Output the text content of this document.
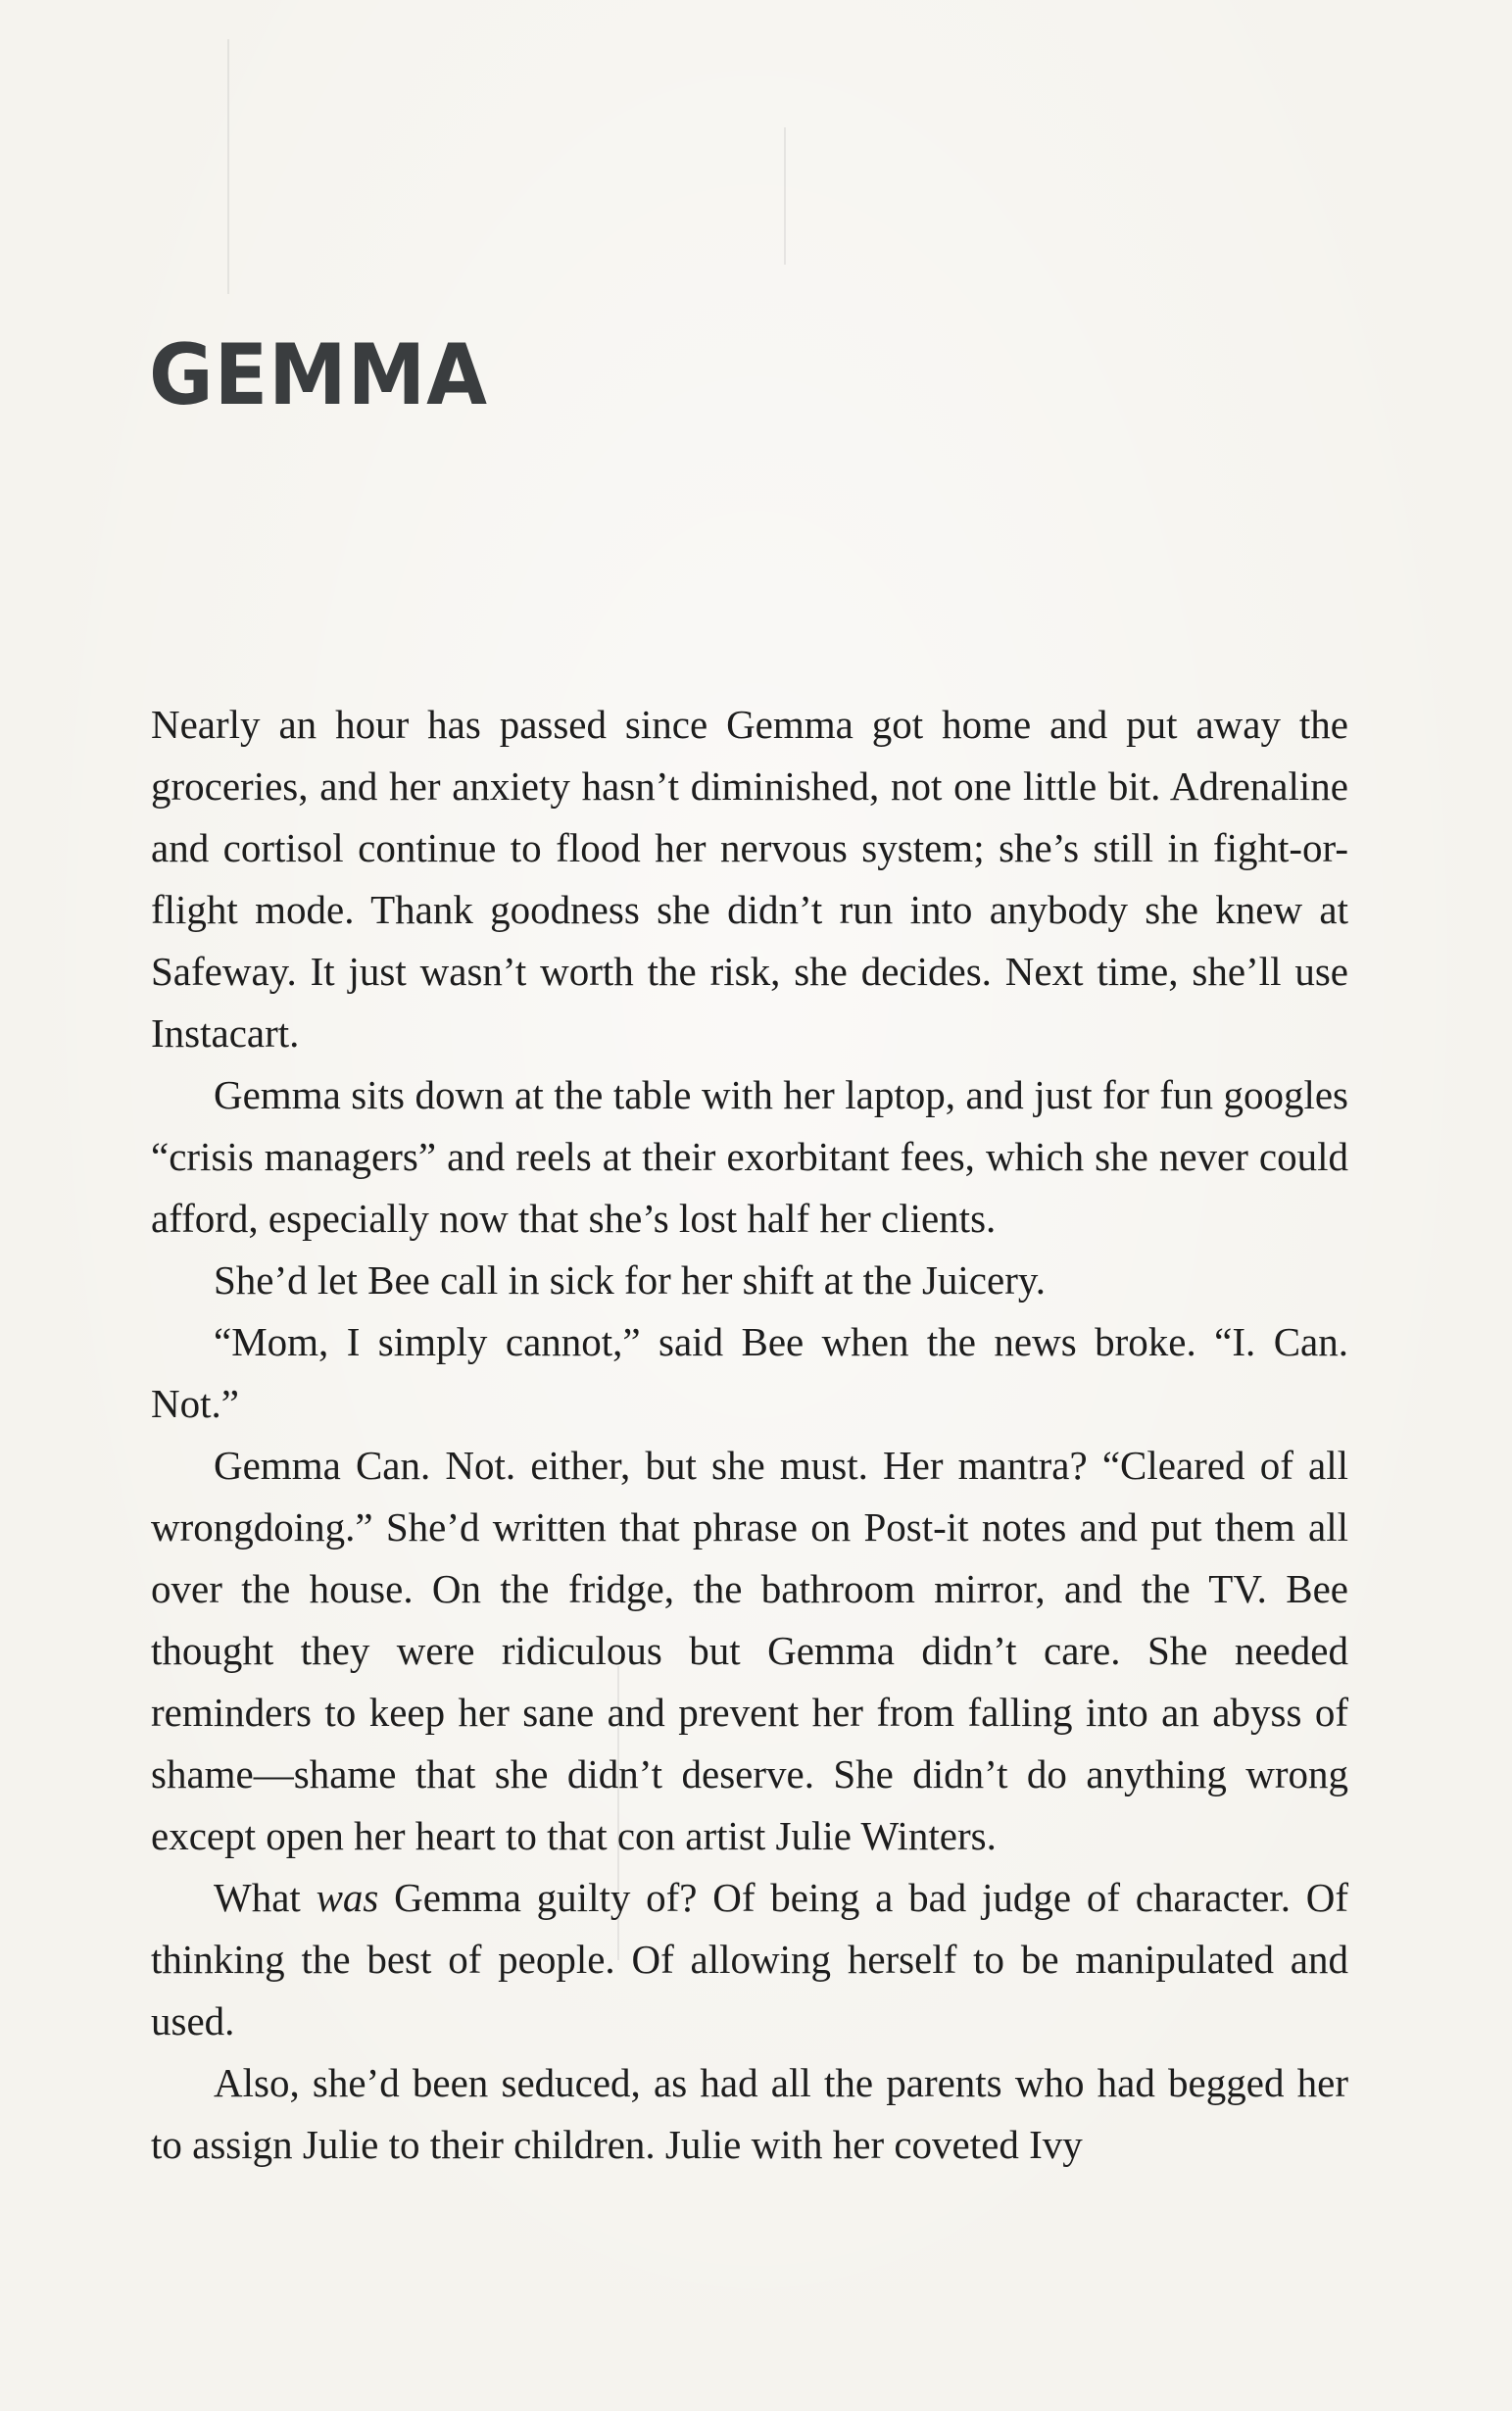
GEMMA

Nearly an hour has passed since Gemma got home and put away the groceries, and her anxiety hasn’t diminished, not one little bit. Adrenaline and cortisol continue to flood her nervous system; she’s still in fight-or-flight mode. Thank goodness she didn’t run into anybody she knew at Safeway. It just wasn’t worth the risk, she decides. Next time, she’ll use Instacart.

Gemma sits down at the table with her laptop, and just for fun googles “crisis managers” and reels at their exorbitant fees, which she never could afford, especially now that she’s lost half her clients.

She’d let Bee call in sick for her shift at the Juicery.

“Mom, I simply cannot,” said Bee when the news broke. “I. Can. Not.”

Gemma Can. Not. either, but she must. Her mantra? “Cleared of all wrongdoing.” She’d written that phrase on Post-it notes and put them all over the house. On the fridge, the bathroom mirror, and the TV. Bee thought they were ridiculous but Gemma didn’t care. She needed reminders to keep her sane and prevent her from falling into an abyss of shame—shame that she didn’t deserve. She didn’t do anything wrong except open her heart to that con artist Julie Winters.

What was Gemma guilty of? Of being a bad judge of character. Of thinking the best of people. Of allowing herself to be manipulated and used.

Also, she’d been seduced, as had all the parents who had begged her to assign Julie to their children. Julie with her coveted Ivy
